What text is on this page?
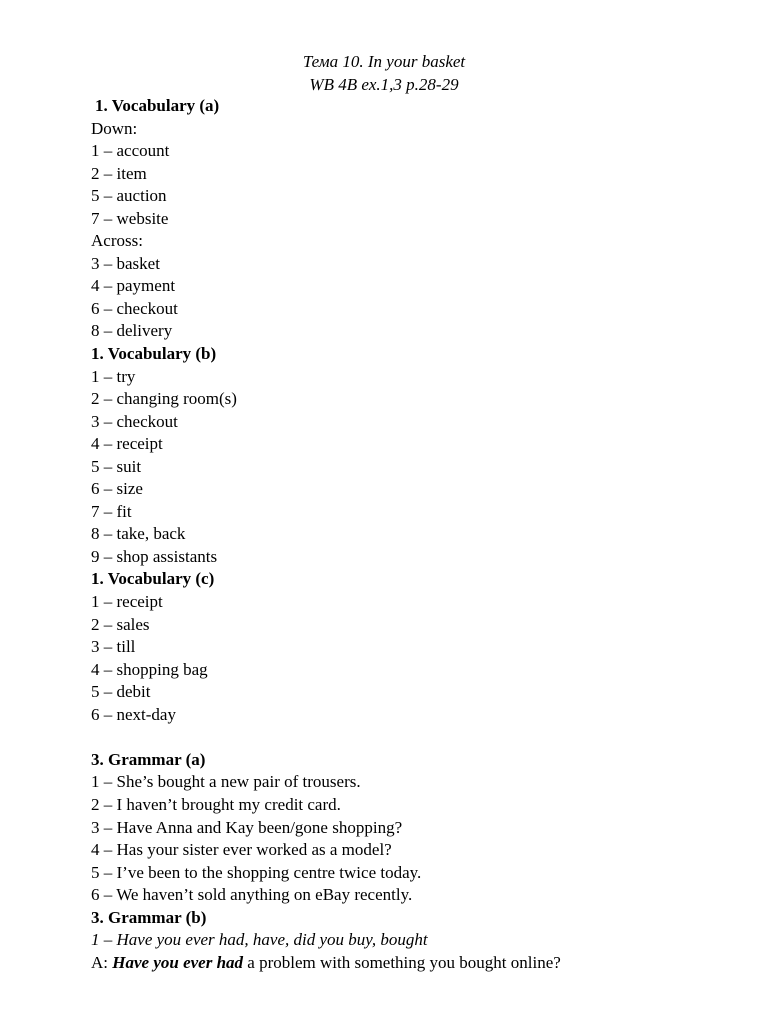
Тема 10. In your basket
WB 4B ex.1,3 p.28-29
1. Vocabulary (a)
Down:
1 – account
2 – item
5 – auction
7 – website
Across:
3 – basket
4 – payment
6 – checkout
8 – delivery
1. Vocabulary (b)
1 – try
2 – changing room(s)
3 – checkout
4 – receipt
5 – suit
6 – size
7 – fit
8 – take, back
9 – shop assistants
1. Vocabulary (c)
1 – receipt
2 – sales
3 – till
4 – shopping bag
5 – debit
6 – next-day
3. Grammar (a)
1 – She’s bought a new pair of trousers.
2 – I haven’t brought my credit card.
3 – Have Anna and Kay been/gone shopping?
4 – Has your sister ever worked as a model?
5 – I’ve been to the shopping centre twice today.
6 – We haven’t sold anything on eBay recently.
3. Grammar (b)
1 – Have you ever had, have, did you buy, bought
A: Have you ever had a problem with something you bought online?
